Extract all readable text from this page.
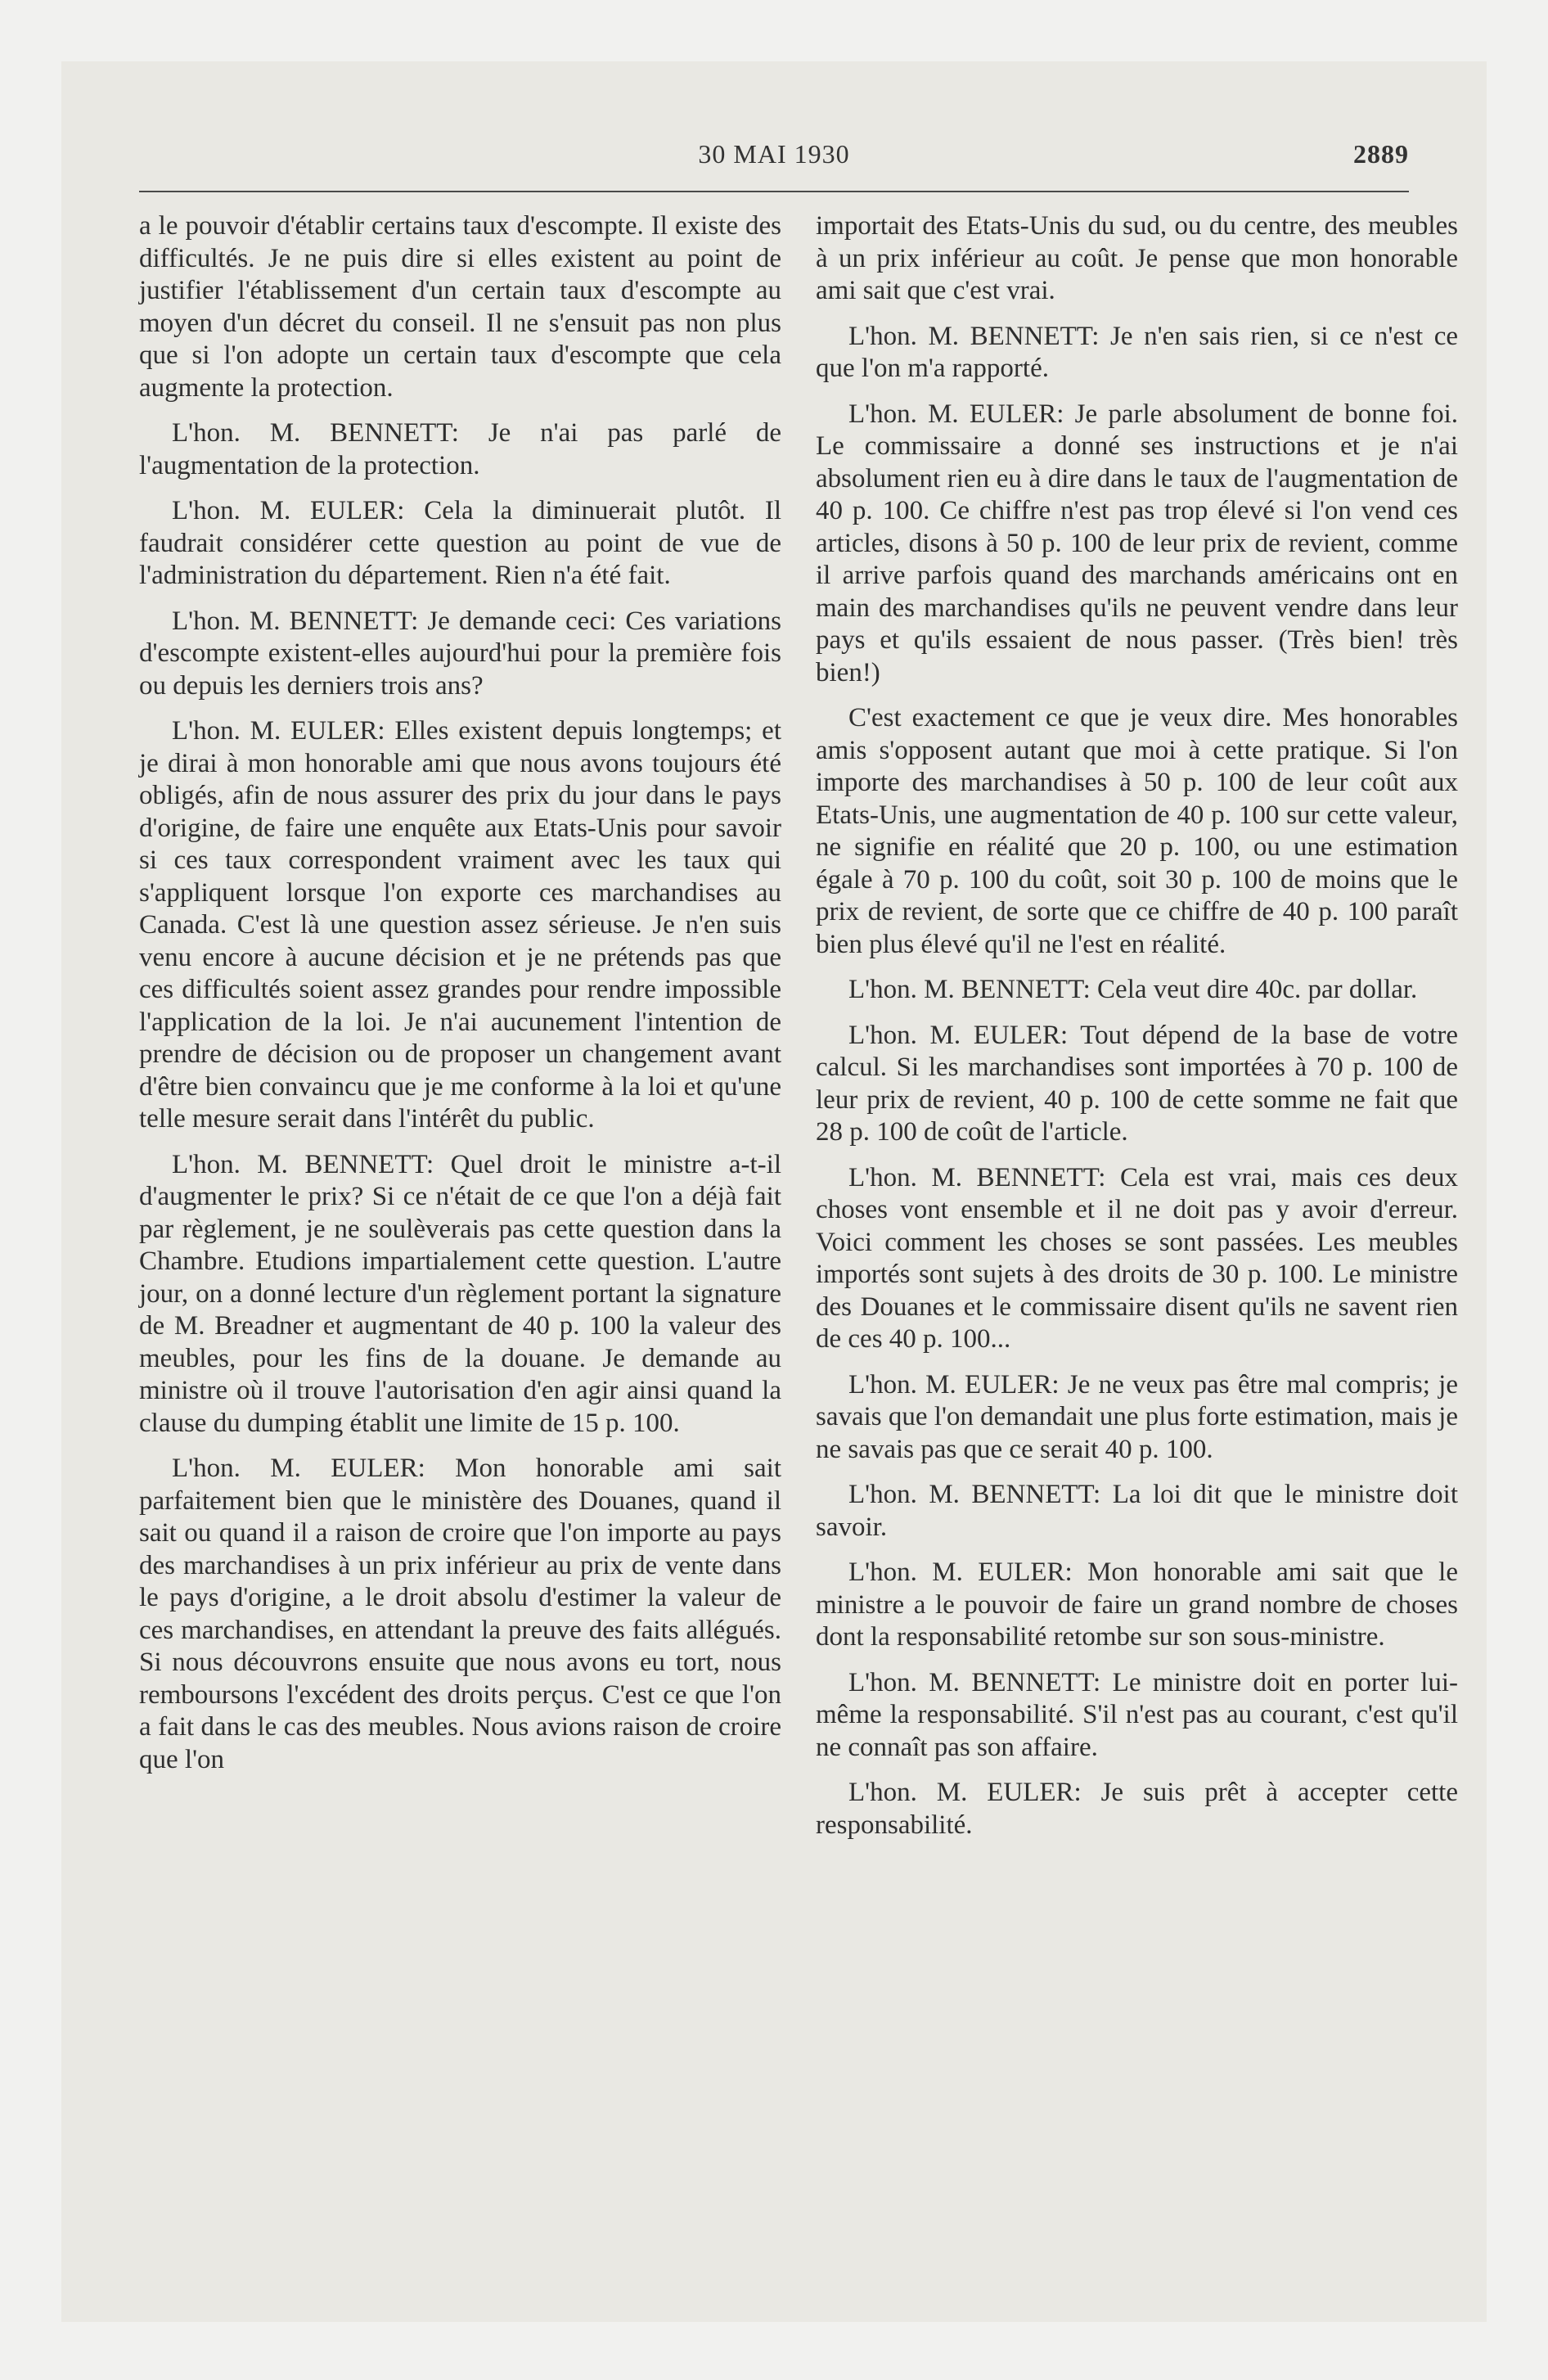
30 MAI 1930	2889

a le pouvoir d'établir certains taux d'escompte. Il existe des difficultés. Je ne puis dire si elles existent au point de justifier l'établissement d'un certain taux d'escompte au moyen d'un décret du conseil. Il ne s'ensuit pas non plus que si l'on adopte un certain taux d'escompte que cela augmente la protection.

L'hon. M. BENNETT: Je n'ai pas parlé de l'augmentation de la protection.

L'hon. M. EULER: Cela la diminuerait plutôt. Il faudrait considérer cette question au point de vue de l'administration du département. Rien n'a été fait.

L'hon. M. BENNETT: Je demande ceci: Ces variations d'escompte existent-elles aujourd'hui pour la première fois ou depuis les derniers trois ans?

L'hon. M. EULER: Elles existent depuis longtemps; et je dirai à mon honorable ami que nous avons toujours été obligés, afin de nous assurer des prix du jour dans le pays d'origine, de faire une enquête aux Etats-Unis pour savoir si ces taux correspondent vraiment avec les taux qui s'appliquent lorsque l'on exporte ces marchandises au Canada. C'est là une question assez sérieuse. Je n'en suis venu encore à aucune décision et je ne prétends pas que ces difficultés soient assez grandes pour rendre impossible l'application de la loi. Je n'ai aucunement l'intention de prendre de décision ou de proposer un changement avant d'être bien convaincu que je me conforme à la loi et qu'une telle mesure serait dans l'intérêt du public.

L'hon. M. BENNETT: Quel droit le ministre a-t-il d'augmenter le prix? Si ce n'était de ce que l'on a déjà fait par règlement, je ne soulèverais pas cette question dans la Chambre. Etudions impartialement cette question. L'autre jour, on a donné lecture d'un règlement portant la signature de M. Breadner et augmentant de 40 p. 100 la valeur des meubles, pour les fins de la douane. Je demande au ministre où il trouve l'autorisation d'en agir ainsi quand la clause du dumping établit une limite de 15 p. 100.

L'hon. M. EULER: Mon honorable ami sait parfaitement bien que le ministère des Douanes, quand il sait ou quand il a raison de croire que l'on importe au pays des marchandises à un prix inférieur au prix de vente dans le pays d'origine, a le droit absolu d'estimer la valeur de ces marchandises, en attendant la preuve des faits allégués. Si nous découvrons ensuite que nous avons eu tort, nous remboursons l'excédent des droits perçus. C'est ce que l'on a fait dans le cas des meubles. Nous avions raison de croire que l'on

importait des Etats-Unis du sud, ou du centre, des meubles à un prix inférieur au coût. Je pense que mon honorable ami sait que c'est vrai.

L'hon. M. BENNETT: Je n'en sais rien, si ce n'est ce que l'on m'a rapporté.

L'hon. M. EULER: Je parle absolument de bonne foi. Le commissaire a donné ses instructions et je n'ai absolument rien eu à dire dans le taux de l'augmentation de 40 p. 100. Ce chiffre n'est pas trop élevé si l'on vend ces articles, disons à 50 p. 100 de leur prix de revient, comme il arrive parfois quand des marchands américains ont en main des marchandises qu'ils ne peuvent vendre dans leur pays et qu'ils essaient de nous passer. (Très bien! très bien!)

C'est exactement ce que je veux dire. Mes honorables amis s'opposent autant que moi à cette pratique. Si l'on importe des marchandises à 50 p. 100 de leur coût aux Etats-Unis, une augmentation de 40 p. 100 sur cette valeur, ne signifie en réalité que 20 p. 100, ou une estimation égale à 70 p. 100 du coût, soit 30 p. 100 de moins que le prix de revient, de sorte que ce chiffre de 40 p. 100 paraît bien plus élevé qu'il ne l'est en réalité.

L'hon. M. BENNETT: Cela veut dire 40c. par dollar.

L'hon. M. EULER: Tout dépend de la base de votre calcul. Si les marchandises sont importées à 70 p. 100 de leur prix de revient, 40 p. 100 de cette somme ne fait que 28 p. 100 de coût de l'article.

L'hon. M. BENNETT: Cela est vrai, mais ces deux choses vont ensemble et il ne doit pas y avoir d'erreur. Voici comment les choses se sont passées. Les meubles importés sont sujets à des droits de 30 p. 100. Le ministre des Douanes et le commissaire disent qu'ils ne savent rien de ces 40 p. 100...

L'hon. M. EULER: Je ne veux pas être mal compris; je savais que l'on demandait une plus forte estimation, mais je ne savais pas que ce serait 40 p. 100.

L'hon. M. BENNETT: La loi dit que le ministre doit savoir.

L'hon. M. EULER: Mon honorable ami sait que le ministre a le pouvoir de faire un grand nombre de choses dont la responsabilité retombe sur son sous-ministre.

L'hon. M. BENNETT: Le ministre doit en porter lui-même la responsabilité. S'il n'est pas au courant, c'est qu'il ne connaît pas son affaire.

L'hon. M. EULER: Je suis prêt à accepter cette responsabilité.
